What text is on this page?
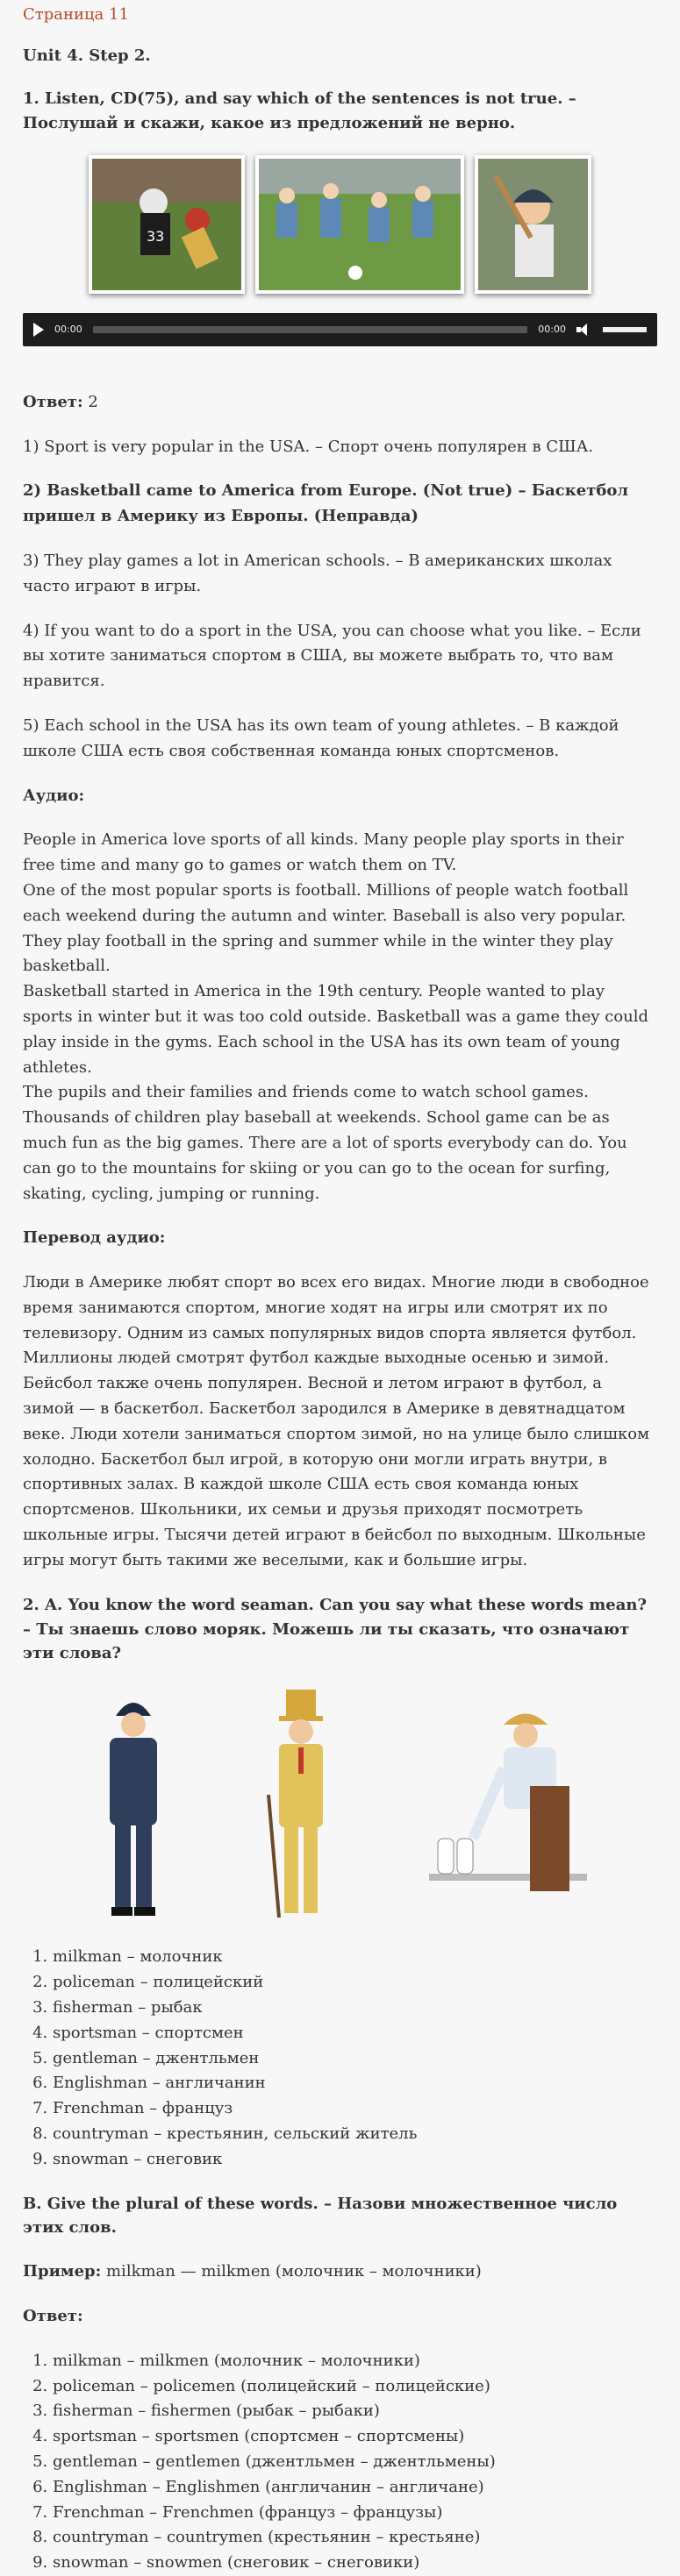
Страница 11
Unit 4. Step 2.

1. Listen, CD(75), and say which of the sentences is not true. – Послушай и скажи, какое из предложений не верно.

33
00:00	00:00

Ответ: 2

1) Sport is very popular in the USA. – Спорт очень популярен в США.

2) Basketball came to America from Europe. (Not true) – Баскетбол пришел в Америку из Европы. (Неправда)

3) They play games a lot in American schools. – В американских школах часто играют в игры.

4) If you want to do a sport in the USA, you can choose what you like. – Если вы хотите заниматься спортом в США, вы можете выбрать то, что вам нравится.

5) Each school in the USA has its own team of young athletes. – В каждой школе США есть своя собственная команда юных спортсменов.

Аудио:

People in America love sports of all kinds. Many people play sports in their free time and many go to games or watch them on TV.

One of the most popular sports is football. Millions of people watch football each weekend during the autumn and winter. Baseball is also very popular. They play football in the spring and summer while in the winter they play basketball.

Basketball started in America in the 19th century. People wanted to play sports in winter but it was too cold outside. Basketball was a game they could play inside in the gyms. Each school in the USA has its own team of young athletes.

The pupils and their families and friends come to watch school games. Thousands of children play baseball at weekends. School game can be as much fun as the big games. There are a lot of sports everybody can do. You can go to the mountains for skiing or you can go to the ocean for surfing, skating, cycling, jumping or running.

Перевод аудио:

Люди в Америке любят спорт во всех его видах. Многие люди в свободное время занимаются спортом, многие ходят на игры или смотрят их по телевизору. Одним из самых популярных видов спорта является футбол. Миллионы людей смотрят футбол каждые выходные осенью и зимой. Бейсбол также очень популярен. Весной и летом играют в футбол, а зимой — в баскетбол. Баскетбол зародился в Америке в девятнадцатом веке. Люди хотели заниматься спортом зимой, но на улице было слишком холодно. Баскетбол был игрой, в которую они могли играть внутри, в спортивных залах. В каждой школе США есть своя команда юных спортсменов. Школьники, их семьи и друзья приходят посмотреть школьные игры. Тысячи детей играют в бейсбол по выходным. Школьные игры могут быть такими же веселыми, как и большие игры.

2. A. You know the word seaman. Can you say what these words mean? – Ты знаешь слово моряк. Можешь ли ты сказать, что означают эти слова?

1. milkman – молочник
2. policeman – полицейский
3. fisherman – рыбак
4. sportsman – спортсмен
5. gentleman – джентльмен
6. Englishman – англичанин
7. Frenchman – француз
8. countryman – крестьянин, сельский житель
9. snowman – снеговик

B. Give the plural of these words. – Назови множественное число этих слов.

Пример: milkman — milkmen (молочник – молочники)

Ответ:

1. milkman – milkmen (молочник – молочники)
2. policeman – policemen (полицейский – полицейские)
3. fisherman – fishermen (рыбак – рыбаки)
4. sportsman – sportsmen (спортсмен – спортсмены)
5. gentleman – gentlemen (джентльмен – джентльмены)
6. Englishman – Englishmen (англичанин – англичане)
7. Frenchman – Frenchmen (француз – французы)
8. countryman – countrymen (крестьянин – крестьяне)
9. snowman – snowmen (снеговик – снеговики)
